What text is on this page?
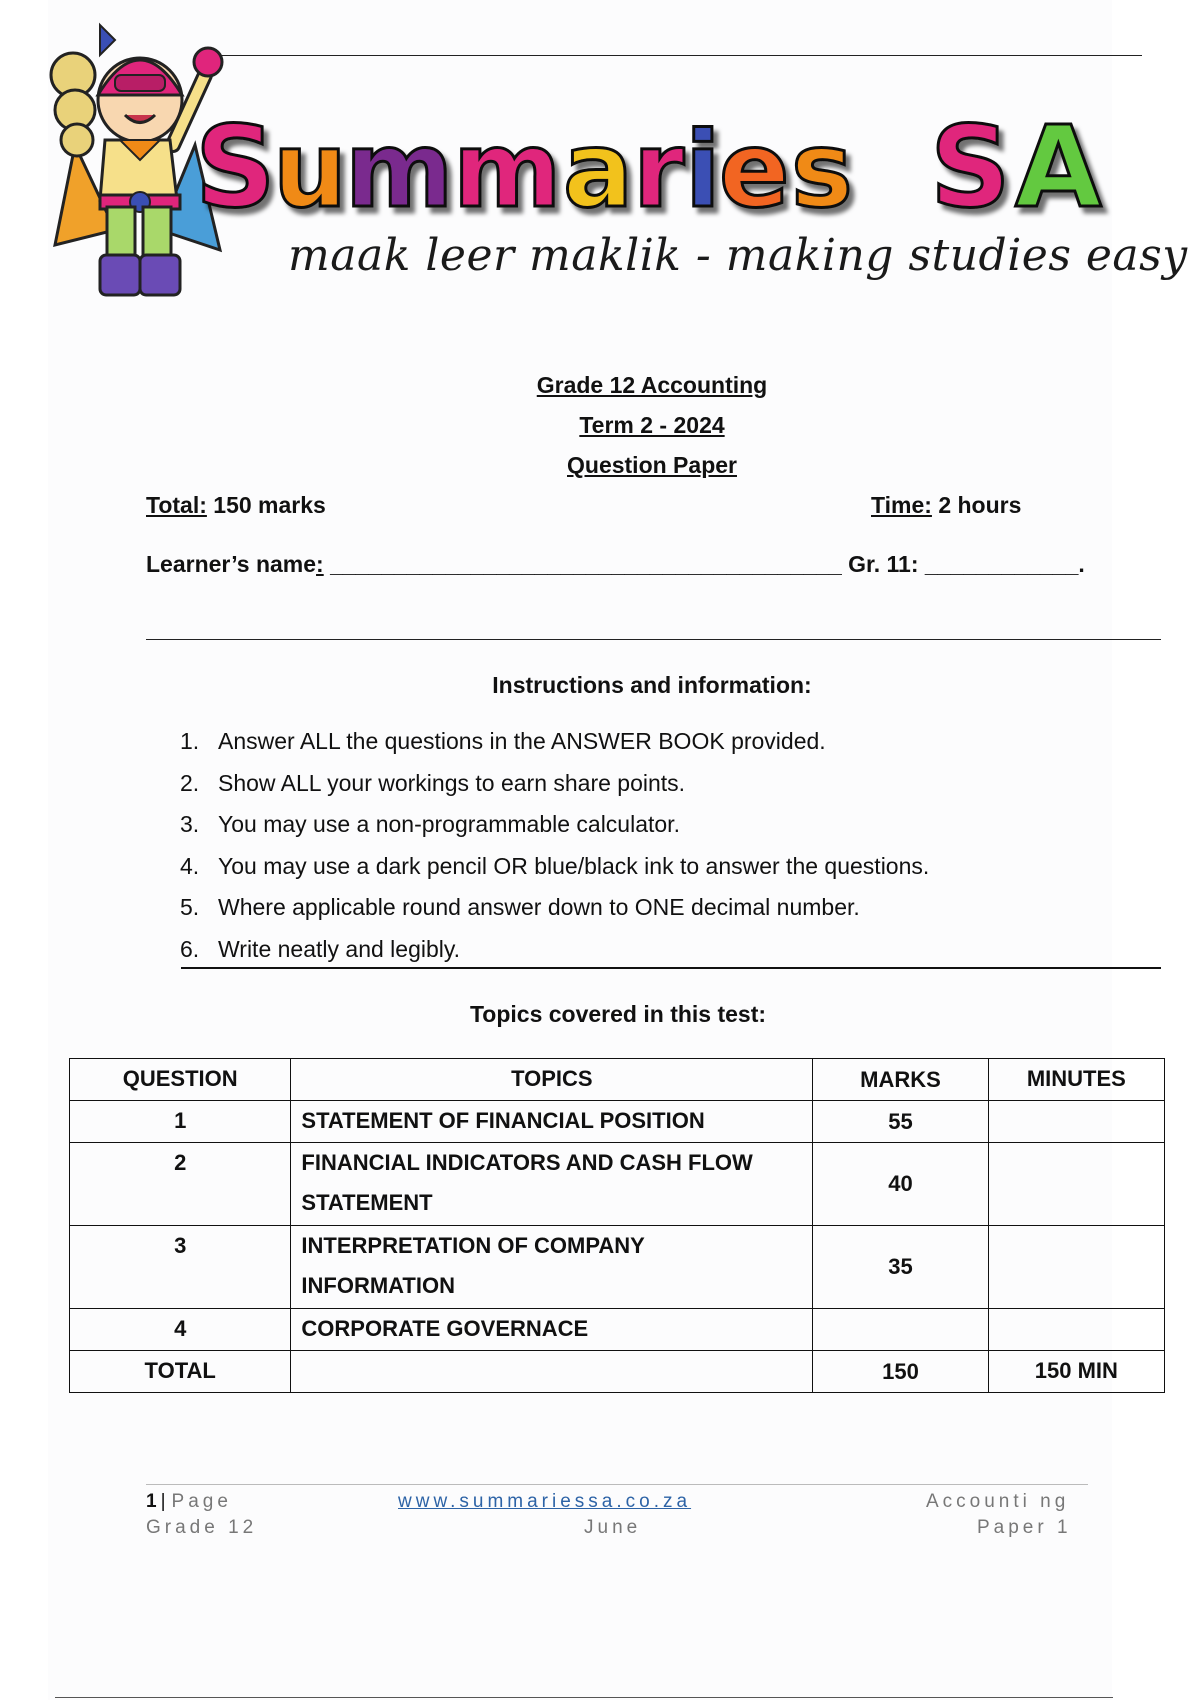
S
u
m m a r i
e s S A
maak leer maklik - making studies easy
Grade 12 Accounting
Term 2 - 2024
Question Paper
Total: 150 marks	Time: 2 hours
Learner’s name: ________________________________________ Gr. 11: ____________.
Instructions and information:
1. Answer ALL the questions in the ANSWER BOOK provided.
2. Show ALL your workings to earn share points.
3. You may use a non-programmable calculator.
4. You may use a dark pencil OR blue/black ink to answer the questions.
5. Where applicable round answer down to ONE decimal number.
6. Write neatly and legibly.
Topics covered in this test:
QUESTION	TOPICS	MARKS	MINUTES
1	STATEMENT OF FINANCIAL POSITION	55	
2	FINANCIAL INDICATORS AND CASH FLOW STATEMENT	40	
3	INTERPRETATION OF COMPANY INFORMATION	35	
4	CORPORATE GOVERNACE		
TOTAL		150	150 MIN
1 | Page
Grade 12
www.summariessa.co.za
June
Accounti ng
Paper 1
